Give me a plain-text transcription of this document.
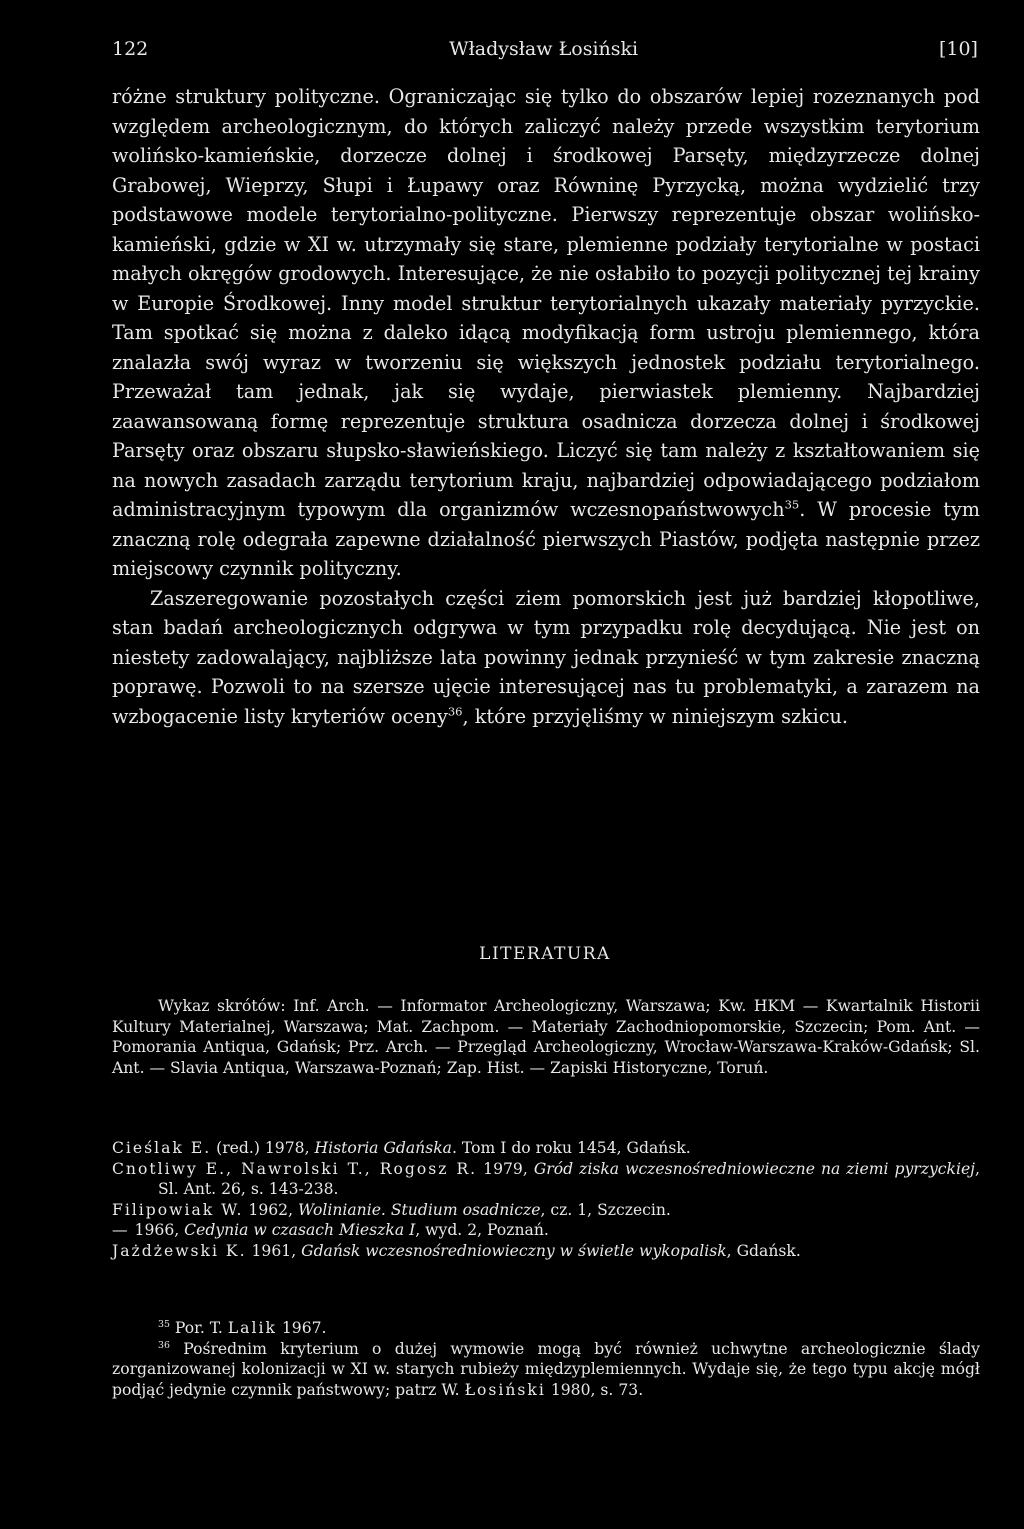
122	Władysław Łosiński	[10]

różne struktury polityczne. Ograniczając się tylko do obszarów lepiej rozeznanych pod względem archeologicznym, do których zaliczyć należy przede wszystkim terytorium wolińsko-kamieńskie, dorzecze dolnej i środkowej Parsęty, międzyrzecze dolnej Grabowej, Wieprzy, Słupi i Łupawy oraz Równinę Pyrzycką, można wydzielić trzy podstawowe modele terytorialno-polityczne. Pierwszy reprezentuje obszar wolińsko-kamieński, gdzie w XI w. utrzymały się stare, plemienne podziały terytorialne w postaci małych okręgów grodowych. Interesujące, że nie osłabiło to pozycji politycznej tej krainy w Europie Środkowej. Inny model struktur terytorialnych ukazały materiały pyrzyckie. Tam spotkać się można z daleko idącą modyfikacją form ustroju plemiennego, która znalazła swój wyraz w tworzeniu się większych jednostek podziału terytorialnego. Przeważał tam jednak, jak się wydaje, pierwiastek plemienny. Najbardziej zaawansowaną formę reprezentuje struktura osadnicza dorzecza dolnej i środkowej Parsęty oraz obszaru słupsko-sławieńskiego. Liczyć się tam należy z kształtowaniem się na nowych zasadach zarządu terytorium kraju, najbardziej odpowiadającego podziałom administracyjnym typowym dla organizmów wczesnopaństwowych$^{35}$. W procesie tym znaczną rolę odegrała zapewne działalność pierwszych Piastów, podjęta następnie przez miejscowy czynnik polityczny.

Zaszeregowanie pozostałych części ziem pomorskich jest już bardziej kłopotliwe, stan badań archeologicznych odgrywa w tym przypadku rolę decydującą. Nie jest on niestety zadowalający, najbliższe lata powinny jednak przynieść w tym zakresie znaczną poprawę. Pozwoli to na szersze ujęcie interesującej nas tu problematyki, a zarazem na wzbogacenie listy kryteriów oceny$^{36}$, które przyjęliśmy w niniejszym szkicu.

LITERATURA
Wykaz skrótów: Inf. Arch. — Informator Archeologiczny, Warszawa; Kw. HKM — Kwartalnik Historii Kultury Materialnej, Warszawa; Mat. Zachpom. — Materiały Zachodniopomorskie, Szczecin; Pom. Ant. — Pomorania Antiqua, Gdańsk; Prz. Arch. — Przegląd Archeologiczny, Wrocław-Warszawa-Kraków-Gdańsk; Sl. Ant. — Slavia Antiqua, Warszawa-Poznań; Zap. Hist. — Zapiski Historyczne, Toruń.

Cieślak E. (red.) 1978, Historia Gdańska. Tom I do roku 1454, Gdańsk.

Cnotliwy E., Nawrolski T., Rogosz R. 1979, Gród ziska wczesnośredniowieczne na ziemi pyrzyckiej, Sl. Ant. 26, s. 143-238.

Filipowiak W. 1962, Wolinianie. Studium osadnicze, cz. 1, Szczecin.

— 1966, Cedynia w czasach Mieszka I, wyd. 2, Poznań.

Jażdżewski K. 1961, Gdańsk wczesnośredniowieczny w świetle wykopalisk, Gdańsk.

$^{35}$ Por. T. Lalik 1967.

$^{36}$ Pośrednim kryterium o dużej wymowie mogą być również uchwytne archeologicznie ślady zorganizowanej kolonizacji w XI w. starych rubieży międzyplemiennych. Wydaje się, że tego typu akcję mógł podjąć jedynie czynnik państwowy; patrz W. Łosiński 1980, s. 73.
